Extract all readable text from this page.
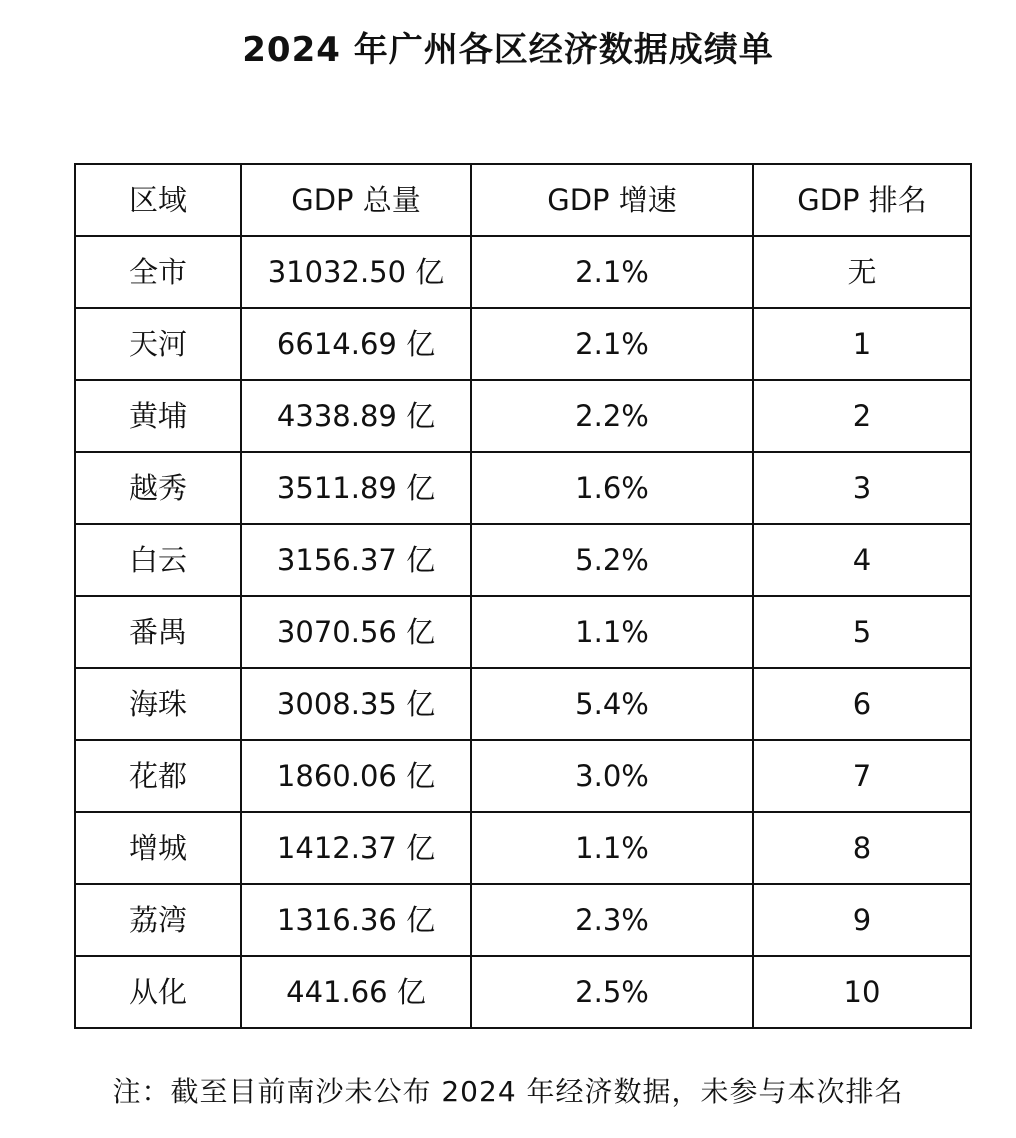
2024 年广州各区经济数据成绩单
区域	GDP 总量	GDP 增速	GDP 排名
全市	31032.50 亿	2.1%	无
天河	6614.69 亿	2.1%	1
黄埔	4338.89 亿	2.2%	2
越秀	3511.89 亿	1.6%	3
白云	3156.37 亿	5.2%	4
番禺	3070.56 亿	1.1%	5
海珠	3008.35 亿	5.4%	6
花都	1860.06 亿	3.0%	7
增城	1412.37 亿	1.1%	8
荔湾	1316.36 亿	2.3%	9
从化	441.66 亿	2.5%	10
注：截至目前南沙未公布 2024 年经济数据，未参与本次排名
